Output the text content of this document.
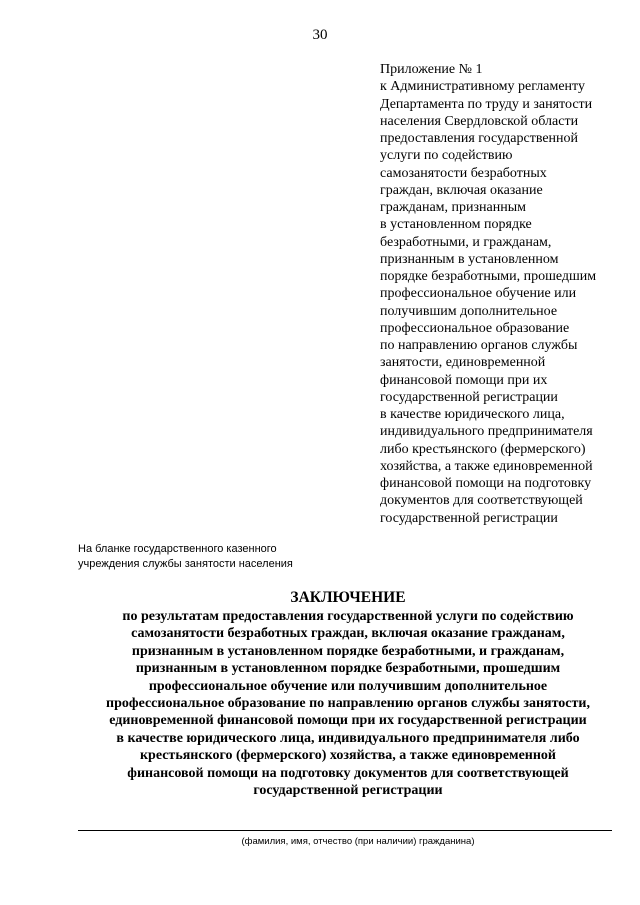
30
Приложение № 1
к Административному регламенту
Департамента по труду и занятости
населения Свердловской области
предоставления государственной
услуги по содействию
самозанятости безработных
граждан, включая оказание
гражданам, признанным
в установленном порядке
безработными, и гражданам,
признанным в установленном
порядке безработными, прошедшим
профессиональное обучение или
получившим дополнительное
профессиональное образование
по направлению органов службы
занятости, единовременной
финансовой помощи при их
государственной регистрации
в качестве юридического лица,
индивидуального предпринимателя
либо крестьянского (фермерского)
хозяйства, а также единовременной
финансовой помощи на подготовку
документов для соответствующей
государственной регистрации
На бланке государственного казенного
учреждения службы занятости населения
ЗАКЛЮЧЕНИЕ
по результатам предоставления государственной услуги по содействию
самозанятости безработных граждан, включая оказание гражданам,
признанным в установленном порядке безработными, и гражданам,
признанным в установленном порядке безработными, прошедшим
профессиональное обучение или получившим дополнительное
профессиональное образование по направлению органов службы занятости,
единовременной финансовой помощи при их государственной регистрации
в качестве юридического лица, индивидуального предпринимателя либо
крестьянского (фермерского) хозяйства, а также единовременной
финансовой помощи на подготовку документов для соответствующей
государственной регистрации
(фамилия, имя, отчество (при наличии) гражданина)
